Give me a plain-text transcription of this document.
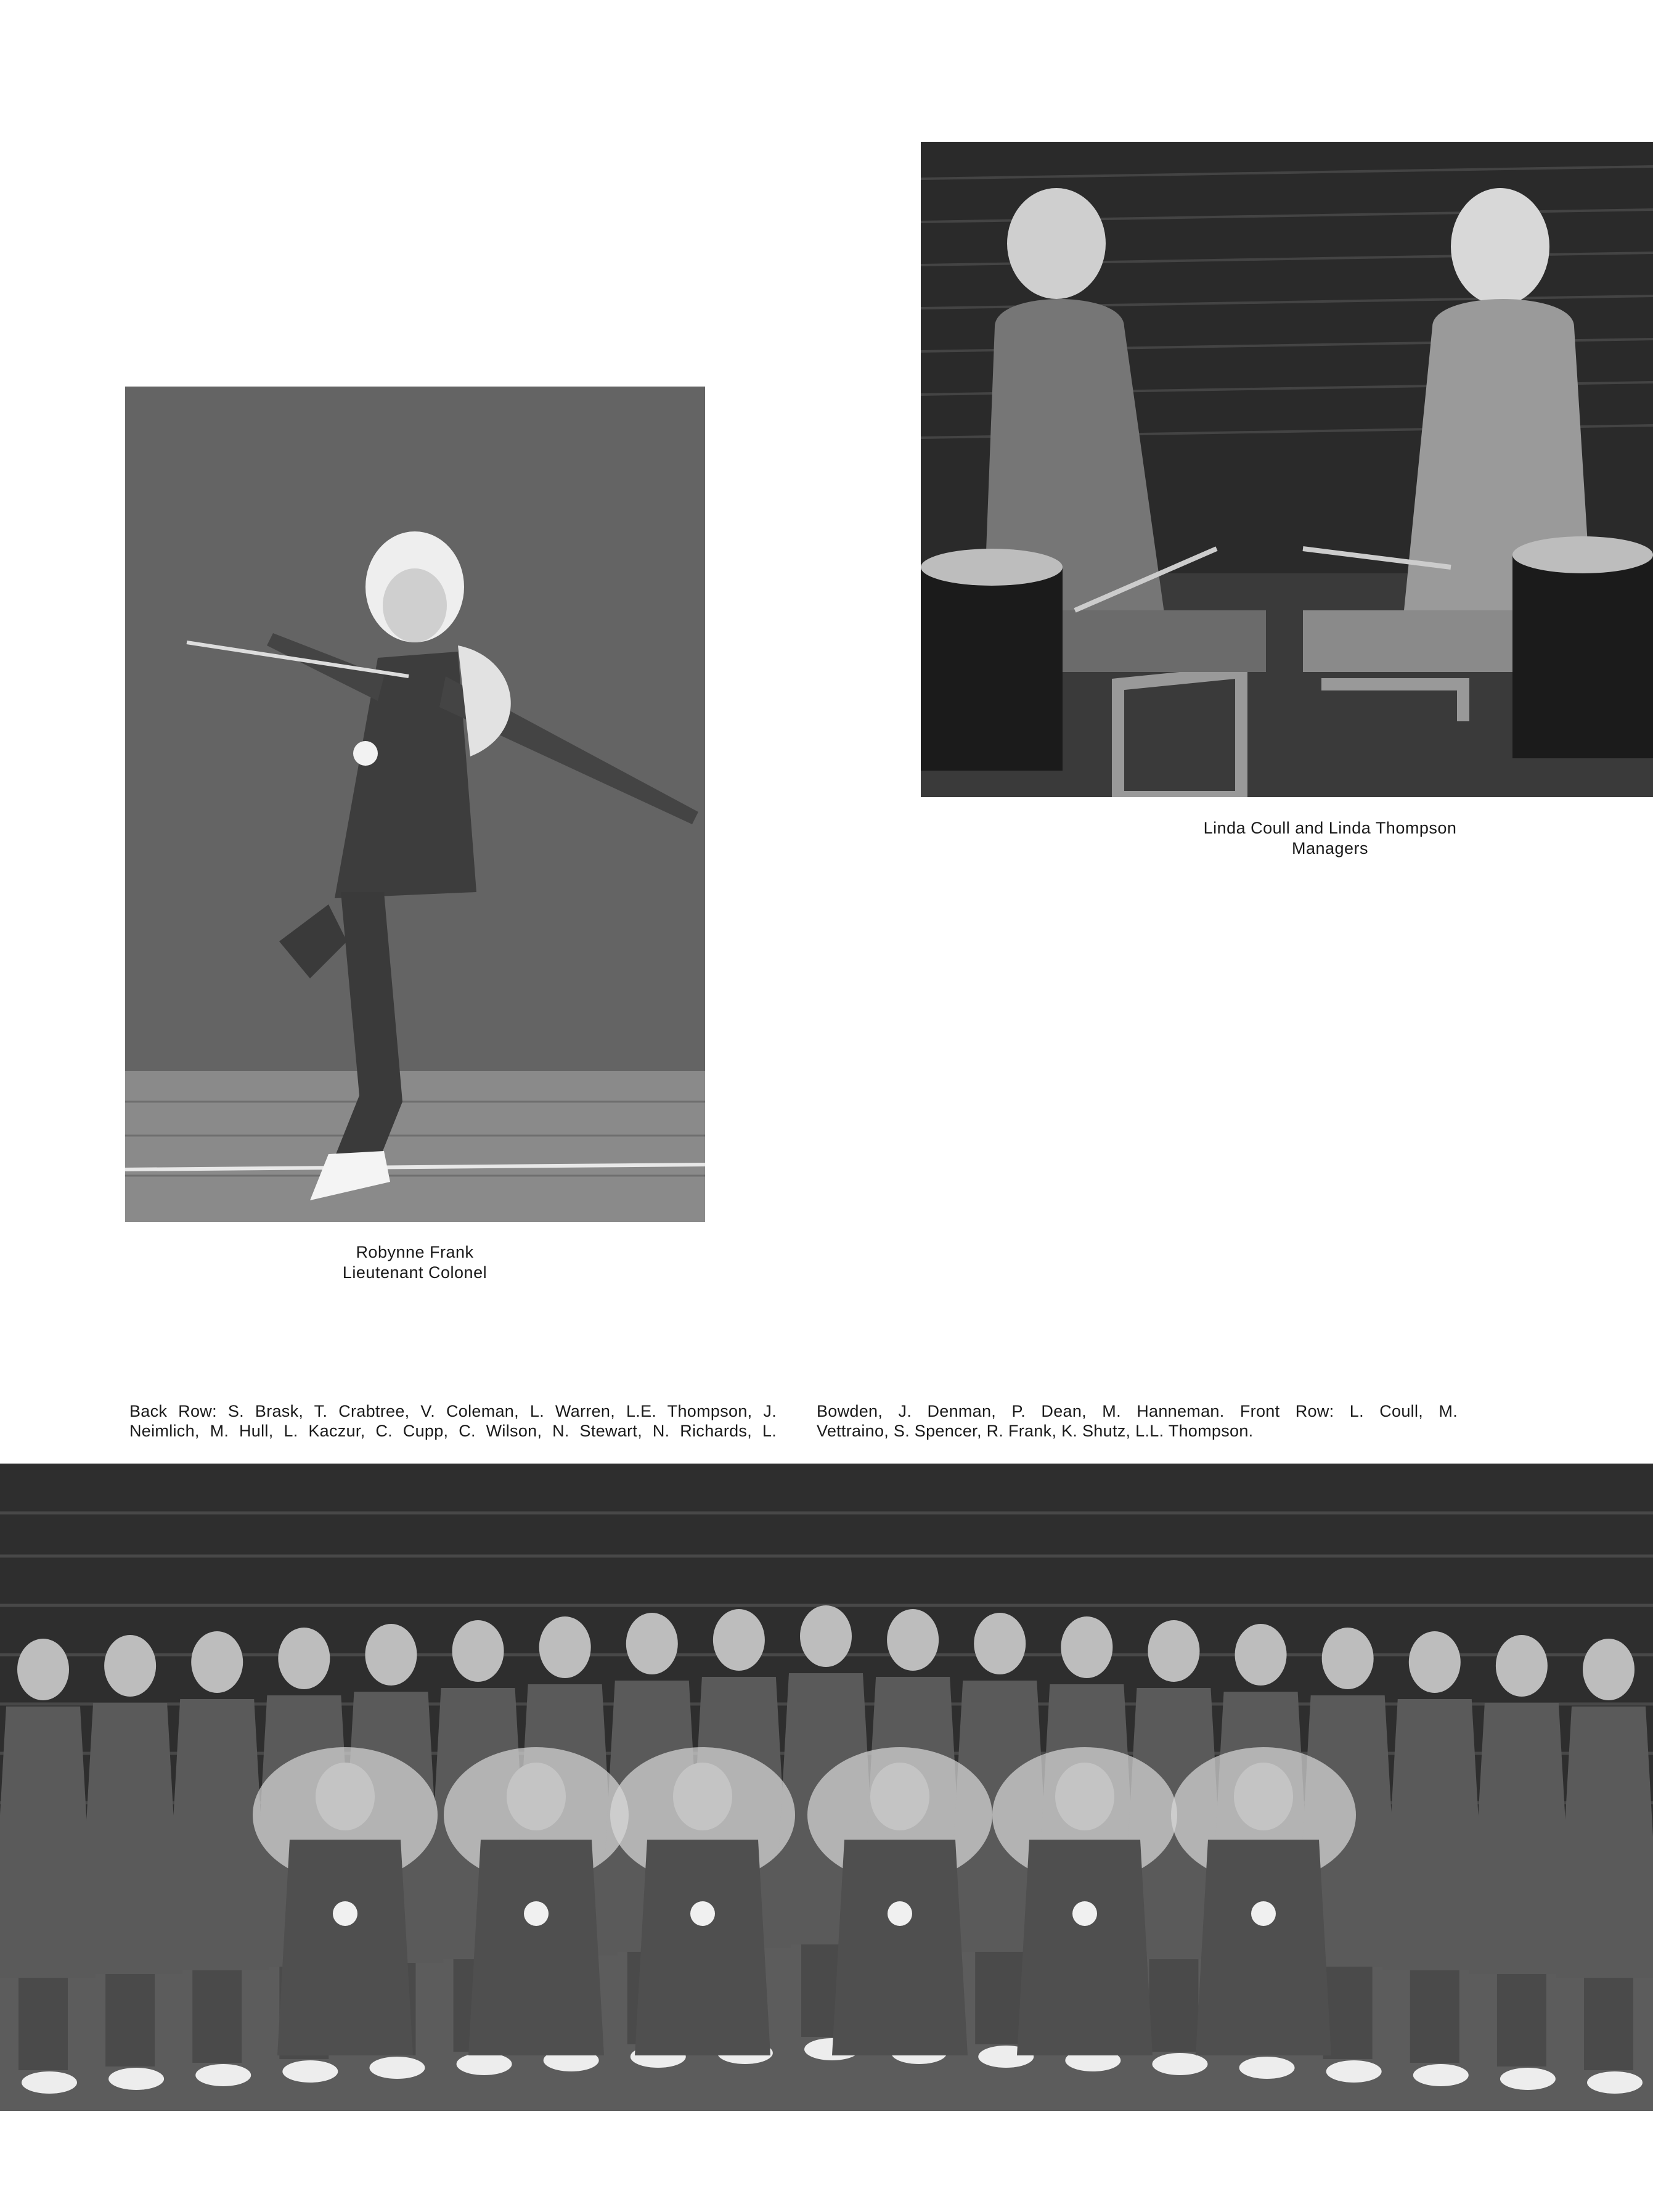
Robynne Frank
Lieutenant Colonel
Linda Coull and Linda Thompson
Managers

Back Row: S. Brask, T. Crabtree, V. Coleman, L. Warren, L.E. Thompson, J.

Neimlich, M. Hull, L. Kaczur, C. Cupp, C. Wilson, N. Stewart, N. Richards, L.

Bowden, J. Denman, P. Dean, M. Hanneman. Front Row: L. Coull, M.

Vettraino, S. Spencer, R. Frank, K. Shutz, L.L. Thompson.
